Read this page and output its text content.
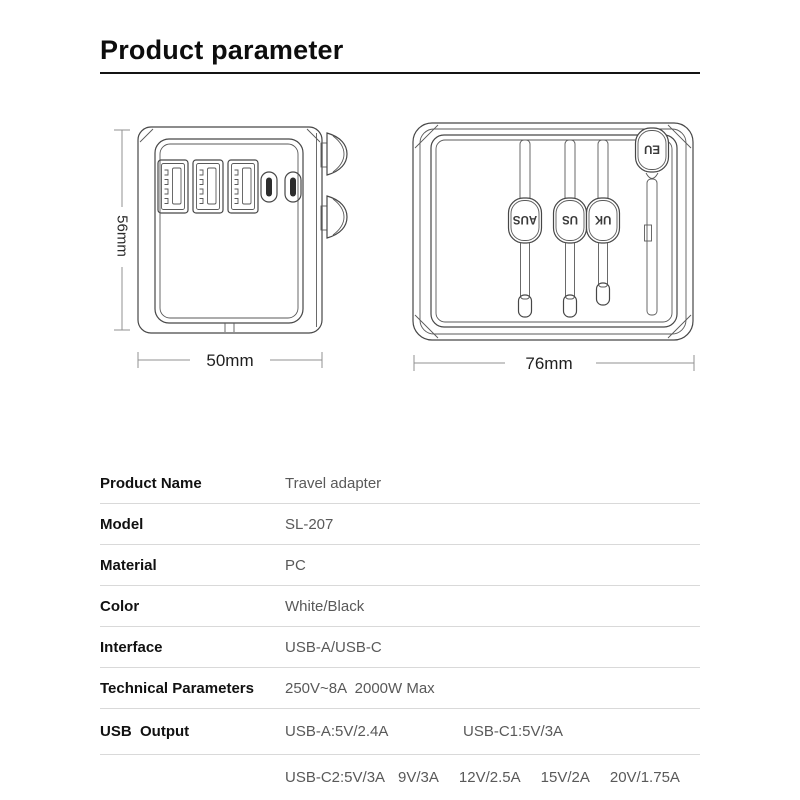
Product parameter
56mm
50mm
AUS US UK
EU
76mm
Product Name	Travel adapter
Model	SL-207
Material	PC
Color	White/Black
Interface	USB-A/USB-C
Technical Parameters	250V~8A  2000W Max
USB  Output	USB-A:5V/2.4A	USB-C1:5V/3A
USB-C2:5V/3A 9V/3A 12V/2.5A 15V/2A 20V/1.75A
